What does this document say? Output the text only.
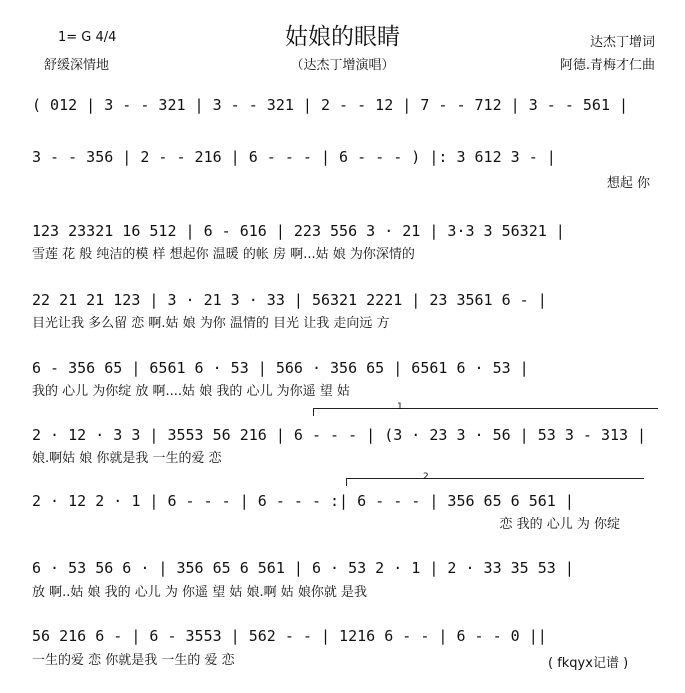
1= G 4/4
舒缓深情地
姑娘的眼睛
（达杰丁增演唱）
达杰丁增词
阿德.青梅才仁曲
( 012 | 3 - - 321 | 3 - - 321 | 2 - - 12 | 7 - - 712 | 3 - - 561 |
3 - - 356 | 2 - - 216 | 6 - - - | 6 - - - ) |: 3 612 3 - |
想起 你
123 23321 16 512 | 6 - 616 | 223 556 3 · 21 | 3·3 3 56321 |
雪莲 花 般 纯洁的模 样 想起你 温暖 的帐 房 啊...姑 娘 为你深情的
22 21 21 123 | 3 · 21 3 · 33 | 56321 2221 | 23 3561 6 - |
目光让我 多么留 恋 啊.姑 娘 为你 温情的 目光 让我 走向远 方
6 - 356 65 | 6561 6 · 53 | 566 · 356 65 | 6561 6 · 53 |
我的 心儿 为你绽 放 啊....姑 娘 我的 心儿 为你遥 望 姑
1
2 · 12 · 3 3 | 3553 56 216 | 6 - - - | (3 · 23 3 · 56 | 53 3 - 313 |
娘.啊姑 娘 你就是我 一生的爱 恋
2
2 · 12 2 · 1 | 6 - - - | 6 - - - :| 6 - - - | 356 65 6 561 |
恋 我的 心儿 为 你绽
6 · 53 56 6 · | 356 65 6 561 | 6 · 53 2 · 1 | 2 · 33 35 53 |
放 啊..姑 娘 我的 心儿 为 你遥 望 姑 娘.啊 姑 娘你就 是我
56 216 6 - | 6 - 3553 | 562 - - | 1216 6 - - | 6 - - 0 ||
一生的爱 恋 你就是我 一生的 爱 恋	( fkqyx记谱 )
